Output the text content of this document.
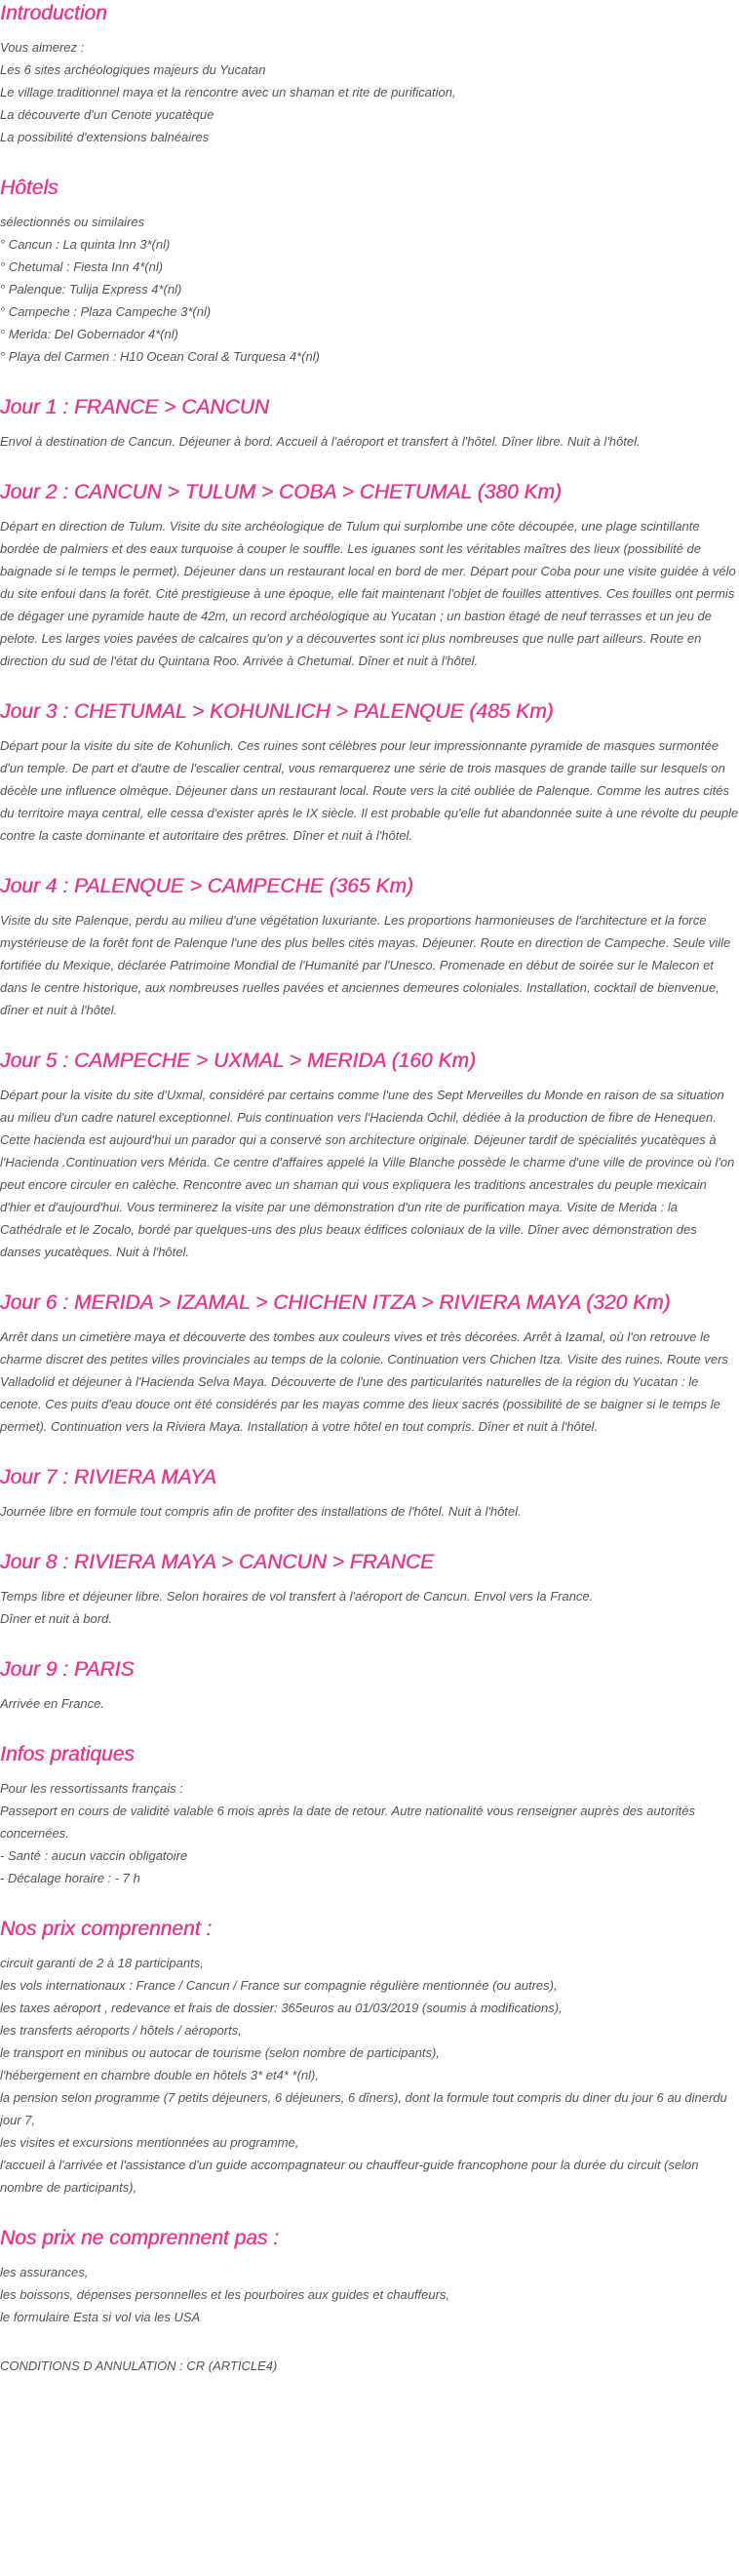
Introduction
Vous aimerez :
Les 6 sites archéologiques majeurs du Yucatan
Le village traditionnel maya et la rencontre avec un shaman et rite de purification,
La découverte d'un Cenote yucatèque
La possibilité d'extensions balnéaires
Hôtels
sélectionnés ou similaires
° Cancun : La quinta Inn 3*(nl)
° Chetumal : Fiesta Inn 4*(nl)
° Palenque: Tulija Express 4*(nl)
° Campeche : Plaza Campeche 3*(nl)
° Merida: Del Gobernador 4*(nl)
° Playa del Carmen : H10 Ocean Coral & Turquesa 4*(nl)
Jour 1 : FRANCE > CANCUN

Envol à destination de Cancun. Déjeuner à bord. Accueil à l'aéroport et transfert à l'hôtel. Dîner libre. Nuit à l'hôtel.

Jour 2 : CANCUN > TULUM > COBA > CHETUMAL (380 Km)

Départ en direction de Tulum. Visite du site archéologique de Tulum qui surplombe une côte découpée, une plage scintillante bordée de palmiers et des eaux turquoise à couper le souffle. Les iguanes sont les véritables maîtres des lieux (possibilité de baignade si le temps le permet). Déjeuner dans un restaurant local en bord de mer. Départ pour Coba pour une visite guidée à vélo du site enfoui dans la forêt. Cité prestigieuse à une époque, elle fait maintenant l'objet de fouilles attentives. Ces fouilles ont permis de dégager une pyramide haute de 42m, un record archéologique au Yucatan ; un bastion étagé de neuf terrasses et un jeu de pelote. Les larges voies pavées de calcaires qu'on y a découvertes sont ici plus nombreuses que nulle part ailleurs. Route en direction du sud de l'état du Quintana Roo. Arrivée à Chetumal. Dîner et nuit à l'hôtel.

Jour 3 : CHETUMAL > KOHUNLICH > PALENQUE (485 Km)

Départ pour la visite du site de Kohunlich. Ces ruines sont célèbres pour leur impressionnante pyramide de masques surmontée d'un temple. De part et d'autre de l'escalier central, vous remarquerez une série de trois masques de grande taille sur lesquels on décèle une influence olmèque. Déjeuner dans un restaurant local. Route vers la cité oubliée de Palenque. Comme les autres cités du territoire maya central, elle cessa d'exister après le IX siècle. Il est probable qu'elle fut abandonnée suite à une révolte du peuple contre la caste dominante et autoritaire des prêtres. Dîner et nuit à l'hôtel.

Jour 4 : PALENQUE > CAMPECHE (365 Km)

Visite du site Palenque, perdu au milieu d'une végétation luxuriante. Les proportions harmonieuses de l'architecture et la force mystérieuse de la forêt font de Palenque l'une des plus belles cités mayas. Déjeuner. Route en direction de Campeche. Seule ville fortifiée du Mexique, déclarée Patrimoine Mondial de l'Humanité par l'Unesco. Promenade en début de soirée sur le Malecon et dans le centre historique, aux nombreuses ruelles pavées et anciennes demeures coloniales. Installation, cocktail de bienvenue, dîner et nuit à l'hôtel.

Jour 5 : CAMPECHE > UXMAL > MERIDA (160 Km)

Départ pour la visite du site d'Uxmal, considéré par certains comme l'une des Sept Merveilles du Monde en raison de sa situation au milieu d'un cadre naturel exceptionnel. Puis continuation vers l'Hacienda Ochil, dédiée à la production de fibre de Henequen. Cette hacienda est aujourd'hui un parador qui a conservé son architecture originale. Déjeuner tardif de spécialités yucatèques à l'Hacienda .Continuation vers Mérida. Ce centre d'affaires appelé la Ville Blanche possède le charme d'une ville de province où l'on peut encore circuler en calèche. Rencontre avec un shaman qui vous expliquera les traditions ancestrales du peuple mexicain d'hier et d'aujourd'hui. Vous terminerez la visite par une démonstration d'un rite de purification maya. Visite de Merida : la Cathédrale et le Zocalo, bordé par quelques-uns des plus beaux édifices coloniaux de la ville. Dîner avec démonstration des danses yucatèques. Nuit à l'hôtel.

Jour 6 : MERIDA > IZAMAL > CHICHEN ITZA > RIVIERA MAYA (320 Km)

Arrêt dans un cimetière maya et découverte des tombes aux couleurs vives et très décorées. Arrêt à Izamal, où l'on retrouve le charme discret des petites villes provinciales au temps de la colonie. Continuation vers Chichen Itza. Visite des ruines. Route vers Valladolid et déjeuner à l'Hacienda Selva Maya. Découverte de l'une des particularités naturelles de la région du Yucatan : le cenote. Ces puits d'eau douce ont été considérés par les mayas comme des lieux sacrés (possibilité de se baigner si le temps le permet). Continuation vers la Riviera Maya. Installation à votre hôtel en tout compris. Dîner et nuit à l'hôtel.

Jour 7 : RIVIERA MAYA

Journée libre en formule tout compris afin de profiter des installations de l'hôtel. Nuit à l'hôtel.

Jour 8 : RIVIERA MAYA > CANCUN > FRANCE
Temps libre et déjeuner libre. Selon horaires de vol transfert à l'aéroport de Cancun. Envol vers la France.
Dîner et nuit à bord.
Jour 9 : PARIS

Arrivée en France.

Infos pratiques
Pour les ressortissants français :
Passeport en cours de validité valable 6 mois après la date de retour. Autre nationalité vous renseigner auprès des autorités concernées.
- Santé : aucun vaccin obligatoire
- Décalage horaire : - 7 h
Nos prix comprennent :
circuit garanti de 2 à 18 participants,
les vols internationaux : France / Cancun / France sur compagnie régulière mentionnée (ou autres),
les taxes aéroport , redevance et frais de dossier: 365euros au 01/03/2019 (soumis à modifications),
les transferts aéroports / hôtels / aéroports,
le transport en minibus ou autocar de tourisme (selon nombre de participants),
l'hébergement en chambre double en hôtels 3* et4* *(nl),
la pension selon programme (7 petits déjeuners, 6 déjeuners, 6 dîners), dont la formule tout compris du diner du jour 6 au dinerdu jour 7,
les visites et excursions mentionnées au programme,
l'accueil à l'arrivée et l'assistance d'un guide accompagnateur ou chauffeur-guide francophone pour la durée du circuit (selon nombre de participants),
Nos prix ne comprennent pas :
les assurances,
les boissons, dépenses personnelles et les pourboires aux guides et chauffeurs,
le formulaire Esta si vol via les USA
CONDITIONS D ANNULATION : CR (ARTICLE4)
